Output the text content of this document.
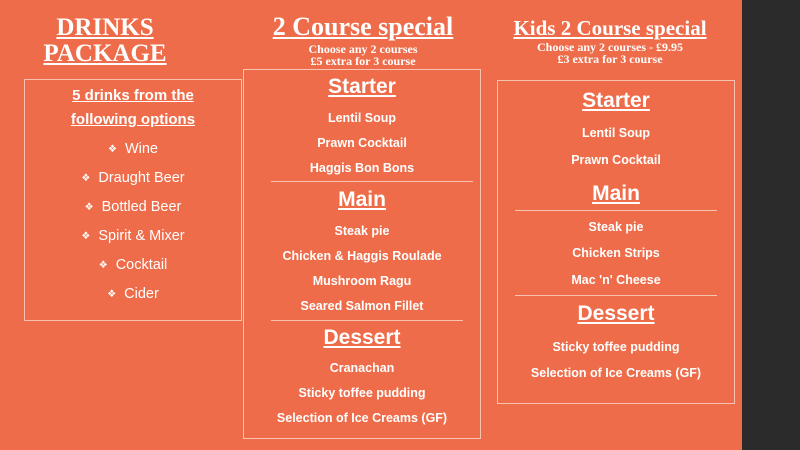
DRINKS
PACKAGE

5 drinks from the
following options

❖ Wine

❖ Draught Beer

❖ Bottled Beer

❖ Spirit & Mixer

❖ Cocktail

❖ Cider

2 Course special

Choose any 2 courses

£5 extra for 3 course

Starter

Lentil Soup

Prawn Cocktail

Haggis Bon Bons

Main

Steak pie

Chicken & Haggis Roulade

Mushroom Ragu

Seared Salmon Fillet

Dessert

Cranachan

Sticky toffee pudding

Selection of Ice Creams (GF)

Kids 2 Course special

Choose any 2 courses - £9.95

£3 extra for 3 course

Starter

Lentil Soup

Prawn Cocktail

Main

Steak pie

Chicken Strips

Mac 'n' Cheese

Dessert

Sticky toffee pudding

Selection of Ice Creams (GF)
